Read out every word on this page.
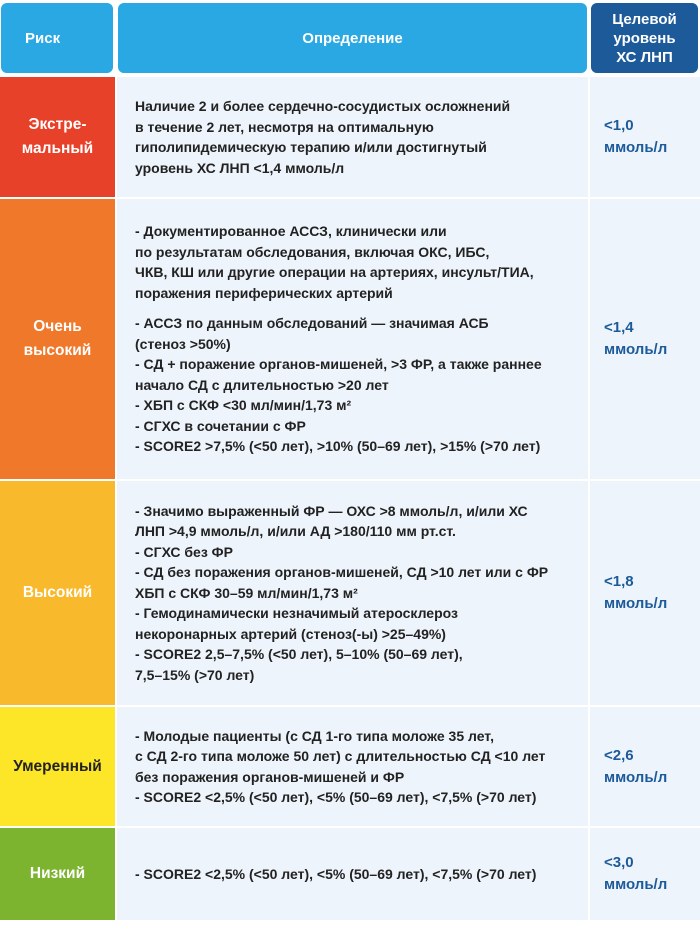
Риск	Определение
Целевой
уровень
ХС ЛНП
Экстре-
мальный
Наличие 2 и более сердечно-сосудистых осложнений
в течение 2 лет, несмотря на оптимальную
гиполипидемическую терапию и/или достигнутый
уровень ХС ЛНП <1,4 ммоль/л
<1,0
ммоль/л
Очень
высокий
- Документированное АССЗ, клинически или
по результатам обследования, включая ОКС, ИБС,
ЧКВ, КШ или другие операции на артериях, инсульт/ТИА,
поражения периферических артерий
- АССЗ по данным обследований — значимая АСБ
(стеноз >50%)
- СД + поражение органов-мишеней, >3 ФР, а также раннее
начало СД с длительностью >20 лет
- ХБП с СКФ <30 мл/мин/1,73 м²
- СГХС в сочетании с ФР
- SCORE2 >7,5% (<50 лет), >10% (50–69 лет), >15% (>70 лет)
<1,4
ммоль/л
Высокий
- Значимо выраженный ФР — ОХС >8 ммоль/л, и/или ХС
ЛНП >4,9 ммоль/л, и/или АД >180/110 мм рт.ст.
- СГХС без ФР
- СД без поражения органов-мишеней, СД >10 лет или с ФР
ХБП с СКФ 30–59 мл/мин/1,73 м²
- Гемодинамически незначимый атеросклероз
некоронарных артерий (стеноз(-ы) >25–49%)
- SCORE2 2,5–7,5% (<50 лет), 5–10% (50–69 лет),
7,5–15% (>70 лет)
<1,8
ммоль/л
Умеренный
- Молодые пациенты (с СД 1-го типа моложе 35 лет,
с СД 2-го типа моложе 50 лет) с длительностью СД <10 лет
без поражения органов-мишеней и ФР
- SCORE2 <2,5% (<50 лет), <5% (50–69 лет), <7,5% (>70 лет)
<2,6
ммоль/л
Низкий	- SCORE2 <2,5% (<50 лет), <5% (50–69 лет), <7,5% (>70 лет)
<3,0
ммоль/л
